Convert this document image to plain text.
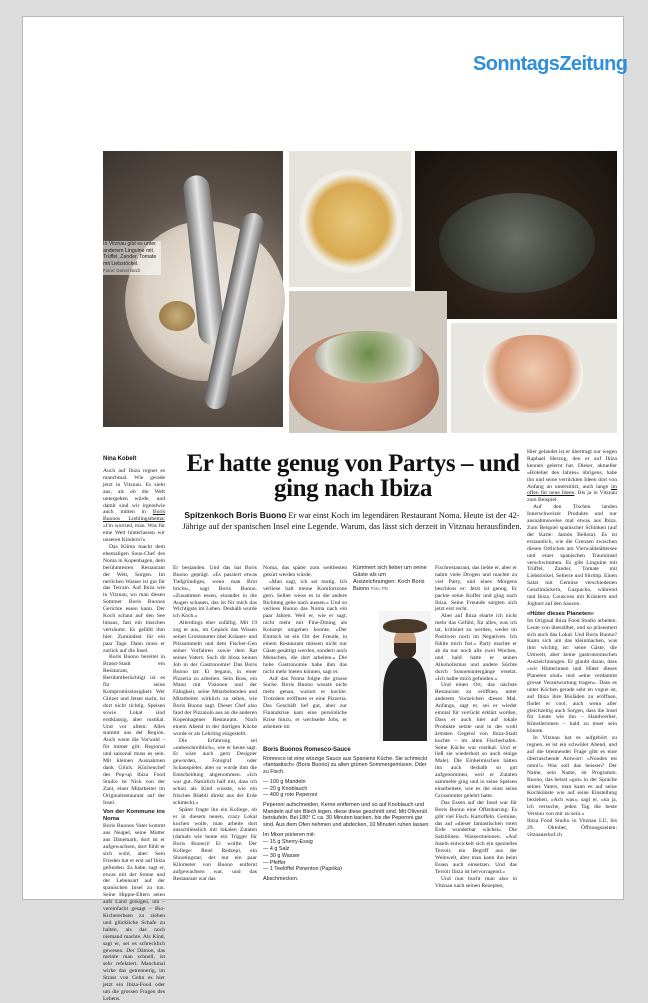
SonntagsZeitung
In Vitznau gibt es unter anderem Linguine mit Trüffel, Zander, Tomate mit Liebstöckel.
Fotos: Daniel Beldi
Nina Kobelt	Er hatte genug von Partys – und ging nach Ibiza
Spitzenkoch Boris Buono Er war einst Koch im legendären Restaurant Noma. Heute ist der 42-Jährige auf der spanischen Insel eine Legende. Warum, das lässt sich derzeit in Vitznau herausfinden.

Auch auf Ibiza regnet es manchmal. Wie gerade jetzt in Vitznau. Es sieht aus, als ob die Welt untergehen würde, und damit sind wir irgendwie auch mitten in Boris Buonos Lieblingsthema: «I'm worried, man. Was für eine Welt hinterlassen wir unseren Kindern?»

Das Klima macht dem ehemaligen Sous-Chef des Noma in Kopenhagen, dem berühmtesten Restaurant der Welt, Sorgen. Im nerlichen Wasser ist gut für das Terrain. Auf Ibiza wie in Vitznau, wo man diesen Sommer Boris Buonos Gerichte essen kann. Der Koch schaut auf den See hinaus, fast ein bisschen verträumt. Es gefällt ihm hier. Zumindest für ein paar Tage. Dann muss er zurück auf die Insel.

Boris Buono bereitet in Brasst-Stadt ein Restaurant, Berühmtberüchtigt ist es für seine Kompromisslosigkeit. Wer Glitzer und Jetset sucht, ist dort nicht richtig. Speisen sowie Lokal sind erstklassig, aber rustikal. Und vor allem: Alles stammt aus der Region. Auch wenn die Vorwahl – für immer gilt: Regional und saisonal muss es sein. Mit kleinen Ausnahmen dank Glück. Küchenchef des Pop-up Ibiza Food Studio ist Nick von der Zant, einer Mitarbeiter im Originalrestaurant auf der Insel.

Von der Kommune ins Noma

Boris Buonos Vater kommt aus Neapel, seine Mutter aus Dänemark, dort ist er aufgewachsen, dort fühlt er sich wohl, aber: Sein Frieden hat er erst auf Ibiza gefunden. Es habe, sagt er, etwas mit der Sonne und der Lebensart auf der spanischen Insel zu tun. Seine Hippie-Eltern seien aufs Land gezogen, um – vereinfacht gesagt – Bio-Kichererbsen zu ziehen und glückliche Schafe zu halten, als das noch niemand machte. Als Kind, sagt er, sei es schrecklich gewesen. Der Dämon, das meinte man schnell, ist sehr refektiert. Manchmal wirke das getrennerig, im Strass von Gehn es hier jetzt ein Ibiza-Food oder um die grossen Fragen des Lebens.

Er bestanden. Und das hat Boris Buono geprägt. «Es passiert etwas Tiefgründiges, wenn man Brot bricht», sagt Boris Buono. «Zusammen essen, einander in die Augen schauen, das ist für mich das Wichtigste im Leben. Deshalb wurde ich Koch.»

Allerdings eher zufällig. Mit 19 zog er aus, im Gepäck das Wissen seiner Grossmutter über Kräuter- und Pilzsammeln und dem Fischer-Gen seiner Vorfahren sowie dem Rat seines Vaters: Such dir bloss keinen Job in der Gastronomie! Das Boris Buono tat: Er begann, in einer Pizzeria zu arbeiten. Sein Boss, ein Mann mit Visionen und der Fähigkeit, seine Mitarbeitenden und Mitarbeiter wirklich zu sehen, wie Boris Buono sagt. Dieser Chef also fand der Pizzaiolo aus an die anderen Kopenhagener Restaurant. Nach einem Abend in der dortigen Küche wurde er als Lehrling eingestellt.

Die Erfahrung sei «unbeschreiblich», wie er heute sagt. Er wäre auch gern Designer geworden, Fotograf oder Schauspieler, aber so wurde ihm die Entscheidung abgenommen. «Ich war gut. Natürlich half mir, dass ich schon als Kind wusste, wie ein frisches Rüebli direkt aus der Erde schmeckt.»

Später fragte ihn ein Kollege, ob er in diesem neuen, crazy Lokal kochen wolle, man arbeite dort ausschliesslich mit lokalen Zutaten (damals wie heute ein Trigger für Boris Buono)! Er wollte. Der Kollege: René Redzepi, ein Shootingstar, der nur ein paar Kilometer von Buono entfernt aufgewachsen war, und das Restaurant war das

Noma, das später zum weltbesten gekürt werden würde.

«Man sagt, ich sei mutig. Ich verliese halt meine Komfortzone gern. Selber weiss es in die andere Richtung gehe nach aussen.» Und so verliess Buono das Noma nach ein paar Jahren. Weil er, wie er sagt, nicht mehr mit Fine-Dining als Konzept umgehen konnte. «Der Eintisch ist ein Ort der Freude, in einem Restaurant müssen nicht nur Gäste gesättigt werden, sondern auch Menschen, die dort arbeiten.» Die hohe Gastronomie habe ihm das nicht mehr bieten können, sagt er.

Auf das Noma folgte die grosse Suche. Boris Buono wusste nicht mehr genau, warum er kochte. Trotzdem eröffnete er eine Pizzeria. Das Geschäft lief gut, aber zur Finanzkrise kam eine persönliche Krise hinzu, er wechselte Jobs, er arbeitete im

Kümmert sich lieber um seine Gäste als um Auszeichnungen: Koch Boris Buono Foto: PD
Boris Buonos Romesco-Sauce
Romesco ist eine würzige Sauce aus Spaniens Küche. Sie schmeckt «fantastisch» (Boris Buono) zu allen grünen Sommergemüsen. Oder zu Fisch.
— 100 g Mandeln
— 20 g Knoblauch
— 400 g rote Peperoni
Peperoni aufschneiden, Kerne entfernen und so auf Knoblauch und Mandeln auf ein Blech legen, diese diese geschnitt sind. Mit Olivenöl beträufeln. Bei 180° C ca. 30 Minuten backen, bis die Peperoni gar sind. Aus dem Ofen nehmen und abdecken, 10 Minuten ruhen lassen.
Im Mixer pürieren mit:
— 15 g Sherry-Essig
— 4 g Salz
— 30 g Wasser
— Pfeffer
— 1 Teelöffel Pimenton (Paprika)
Abschmecken.

Fischrestaurant, das liebte er, aber er nahm viele Drogen und machte zu viel Party, und eines Morgens beschloss er: Jetzt ist genug. Er packte seine Koffer und ging nach Ibiza. Seine Freunde sorgten sich jetzt erst recht.

Aber auf Ibiza ebarte ich nicht mehr das Gefühl, für alles, was ich tat, kritisiert zu werden, weder im Positiven noch im Negativen. Ich fühlte mich frei.» Party machte er ab da nur noch alle zwei Wochen, und bald hatte er seinen Alkoholismus und andere Süchte durch Sonnenuntergänge ersetzt. «Ich halbe mich gefunden.»

Und einen Ort, das nächste Restaurant zu eröffnen, unter anderem Vorzeichen dieses Mal. Anfangs, sagt er, sei er wieder einmal für verrückt erklärt worden, Dass er auch hier auf lokale Produkte setzte und in der wohl ärmsten Gegend von Ibiza-Stadt kochte – im alten Fischerhafen. Seine Küche war rustikal. Und er ließ sie wiederholt so auch einige Male). Die Einheimischen hätten ihn auch deshalb so gut aufgenommen, weil er Zutaten sammelte ging und in seine Speisen einarbeitete, wie es die einst seine Grossmutter gelehrt hatte.

Das Essen auf der Insel war für Boris Buono eine Offenbarung: Es gibt viel Fisch. Kartoffeln. Gemüse, das auf «dieser fantastischen roten Erde wunderbar wächst». Die Salzblüten. Wassermelonen. «Auf Inseln entwickelt sich ein spezielles Terroir, ein Begriff aus der Weinwelt, aber man kann ihn beim Essen auch einsetzen. Und das Terroir Ibiza ist hervorragend.»

Und nun bucht man also in Vitznau nach seinen Rezepten,

Hier gelandet ist er übertragt nur wegen Raphael Herzog, den er auf Ibiza kennen gelernt hat. Dieser, aktueller «Hotelier des Jahres» übrigens, habe ihn und seine verrückten Ideen dort von Anfang an unterstützt, auch lange im offen für neue Ideen. Bis ja in Vitznau zum Beispiel.

Auf den Tischen landen Innerschweizer Produkte und nur ausnahmsweise mal etwas aus Ibiza. Zum Beispiel spanischer Schinken (auf der Karte: Jamón Bellota). Es ist erstaunlich, wie die Grenzen zwischen diesen Ortlichen am Vierwaldstättersee und einer spanischen Trauminsel verschwimmen. Es gibt Linguine mit Trüffel, Zander, Tomate mit Liebstöckel, Sellerie und Shrimp. Einen Salat mit Gemüse verschiedenen Geschmäckern, Gazpacho, während und Ibiza. Couscous mit Kräutern und Joghurt auf den Saucen.

«Hüter dieses Planeten»

Im Original Ibiza Food Studio arbeiten. Leute von überallher, und so präsentiert sich auch das Lokal. Und Boris Buono? Kann sich um das kleinmachen, was ihm wichtig ist: seine Gäste, die Umwelt, aber keine gastronomischen Auszeichnungen. Er glaubt daran, dass «wir Hinterinnen und Hüter dieses Planeten sind» und «eine verdammt grosse Verantwortung tragen». Dass es unter Köchen gerade sehr en vogue ist, auf Ibiza ihre Bioläden zu eröffnen, findet er cool, auch wenn aller gleichzeitig auch Sorgen, dass die Insel für Leute wie ihn – Handwerker, Künstlerinnen – bald zu teuer sein könnte.

In Vitznau hat es aufgehört zu regnen, es ist ein schwüler Abend, und auf die brennender Frage gibt es eine überraschende Antwort: «Noodes est omni!» Was soll das heissen? Der Name, sein Name, ist Programm. Buono, das heisst «gut» in der Sprache seines Vaters, man kann es auf seine Kochkünste wie auf seine Einstellung beziehen. «Ach was», sagt er, «na ja, ich versuche, jeden Tag die beste Version von mir zu sein.»

Ibiza Food Studio in Vitznau LU, bis 29. Oktober, Öffnungszeiten: vitznauerhof.ch
